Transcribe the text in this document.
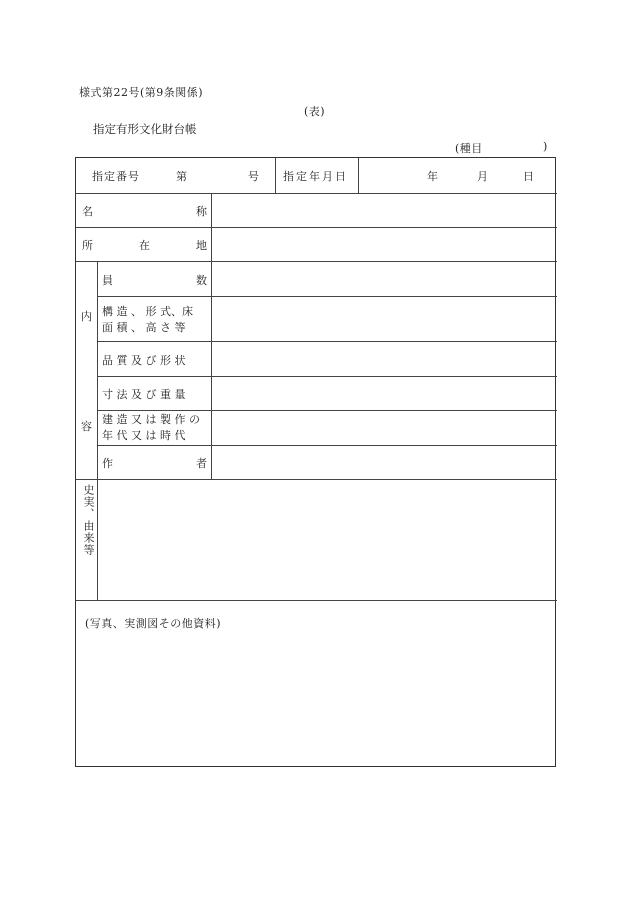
様式第22号(第9条関係)
(表)
指定有形文化財台帳
(種目	)
指定番号	第	号 指定年月日	年	月	日
名	称
所	在	地
内
容
員	数
構 造 、 形 式、床
面 積 、 高 さ 等
品 質 及 び 形 状
寸 法 及 び 重 量
建 造 又 は 製 作 の
年 代 又 は 時 代
作	者
史実、由来等
(写真、実測図その他資料)
